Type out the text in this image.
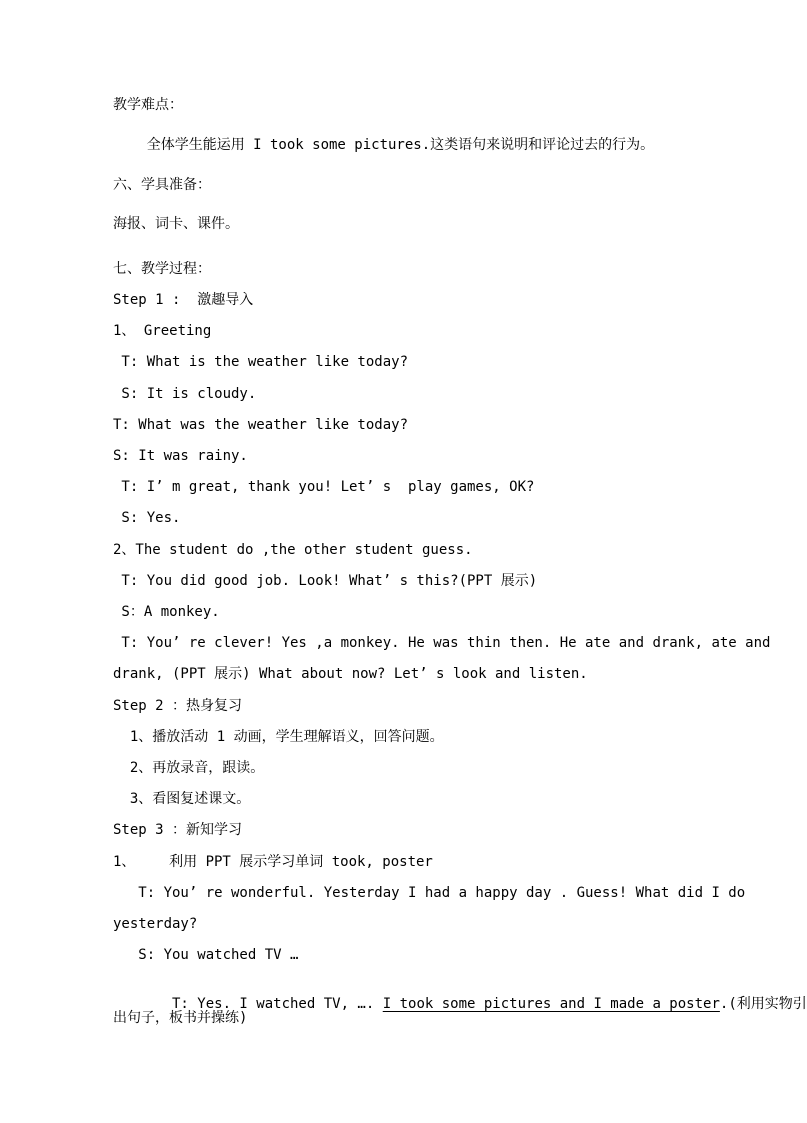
教学难点：
全体学生能运用 I took some pictures.这类语句来说明和评论过去的行为。
六、学具准备：
海报、词卡、课件。
七、教学过程：
Step 1 :  激趣导入
1、 Greeting
T: What is the weather like today?
S: It is cloudy.
T: What was the weather like today?
S: It was rainy.
T: I’ m great, thank you! Let’ s  play games, OK?
S: Yes.
2、The student do ,the other student guess.
T: You did good job. Look! What’ s this?(PPT 展示)
S：A monkey.
T: You’ re clever! Yes ,a monkey. He was thin then. He ate and drank, ate and
drank, (PPT 展示) What about now? Let’ s look and listen.
Step 2 ：热身复习
1、播放活动 1 动画，学生理解语义，回答问题。
2、再放录音，跟读。
3、看图复述课文。
Step 3 ：新知学习
1、    利用 PPT 展示学习单词 took, poster
T: You’ re wonderful. Yesterday I had a happy day . Guess! What did I do
yesterday?
S: You watched TV …

T: Yes. I watched TV, …. I took some pictures and I made a poster.(利用实物引

出句子，板书并操练)
